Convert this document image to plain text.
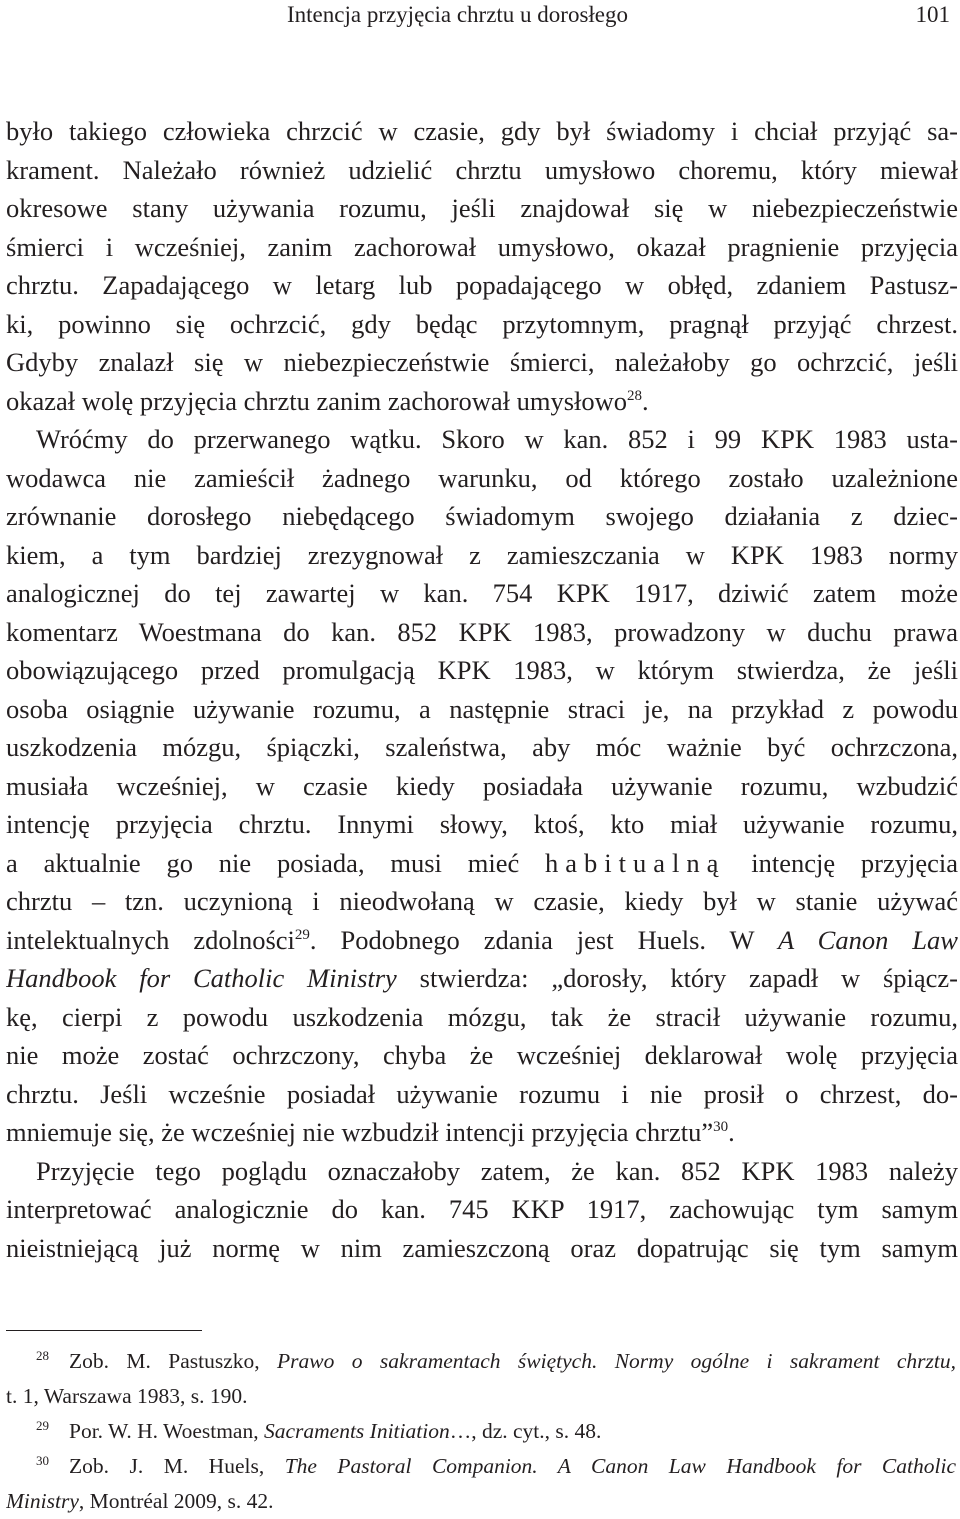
Intencja przyjęcia chrztu u dorosłego	101
było takiego człowieka chrzcić w czasie, gdy był świadomy i chciał przyjąć sa-
krament. Należało również udzielić chrztu umysłowo choremu, który miewał
okresowe stany używania rozumu, jeśli znajdował się w niebezpieczeństwie
śmierci i wcześniej, zanim zachorował umysłowo, okazał pragnienie przyjęcia
chrztu. Zapadającego w letarg lub popadającego w obłęd, zdaniem Pastusz-
ki, powinno się ochrzcić, gdy będąc przytomnym, pragnął przyjąć chrzest.
Gdyby znalazł się w niebezpieczeństwie śmierci, należałoby go ochrzcić, jeśli
okazał wolę przyjęcia chrztu zanim zachorował umysłowo$^{28}$.
Wróćmy do przerwanego wątku. Skoro w kan. 852 i 99 KPK 1983 usta-
wodawca nie zamieścił żadnego warunku, od którego zostało uzależnione
zrównanie dorosłego niebędącego świadomym swojego działania z dziec-
kiem, a tym bardziej zrezygnował z zamieszczania w KPK 1983 normy
analogicznej do tej zawartej w kan. 754 KPK 1917, dziwić zatem może
komentarz Woestmana do kan. 852 KPK 1983, prowadzony w duchu prawa
obowiązującego przed promulgacją KPK 1983, w którym stwierdza, że jeśli
osoba osiągnie używanie rozumu, a następnie straci je, na przykład z powodu
uszkodzenia mózgu, śpiączki, szaleństwa, aby móc ważnie być ochrzczona,
musiała wcześniej, w czasie kiedy posiadała używanie rozumu, wzbudzić
intencję przyjęcia chrztu. Innymi słowy, ktoś, kto miał używanie rozumu,
a aktualnie go nie posiada, musi mieć habitualną intencję przyjęcia
chrztu – tzn. uczynioną i nieodwołaną w czasie, kiedy był w stanie używać
intelektualnych zdolności$^{29}$. Podobnego zdania jest Huels. W A Canon Law
Handbook for Catholic Ministry stwierdza: „dorosły, który zapadł w śpiącz-
kę, cierpi z powodu uszkodzenia mózgu, tak że stracił używanie rozumu,
nie może zostać ochrzczony, chyba że wcześniej deklarował wolę przyjęcia
chrztu. Jeśli wcześnie posiadał używanie rozumu i nie prosił o chrzest, do-
mniemuje się, że wcześniej nie wzbudził intencji przyjęcia chrztu”$^{30}$.
Przyjęcie tego poglądu oznaczałoby zatem, że kan. 852 KPK 1983 należy
interpretować analogicznie do kan. 745 KKP 1917, zachowując tym samym
nieistniejącą już normę w nim zamieszczoną oraz dopatrując się tym samym
$^{28}$ Zob. M. Pastuszko, Prawo o sakramentach świętych. Normy ogólne i sakrament chrztu,
t. 1, Warszawa 1983, s. 190.
$^{29}$ Por. W. H. Woestman, Sacraments Initiation…, dz. cyt., s. 48.
$^{30}$ Zob. J. M. Huels, The Pastoral Companion. A Canon Law Handbook for Catholic
Ministry, Montréal 2009, s. 42.
